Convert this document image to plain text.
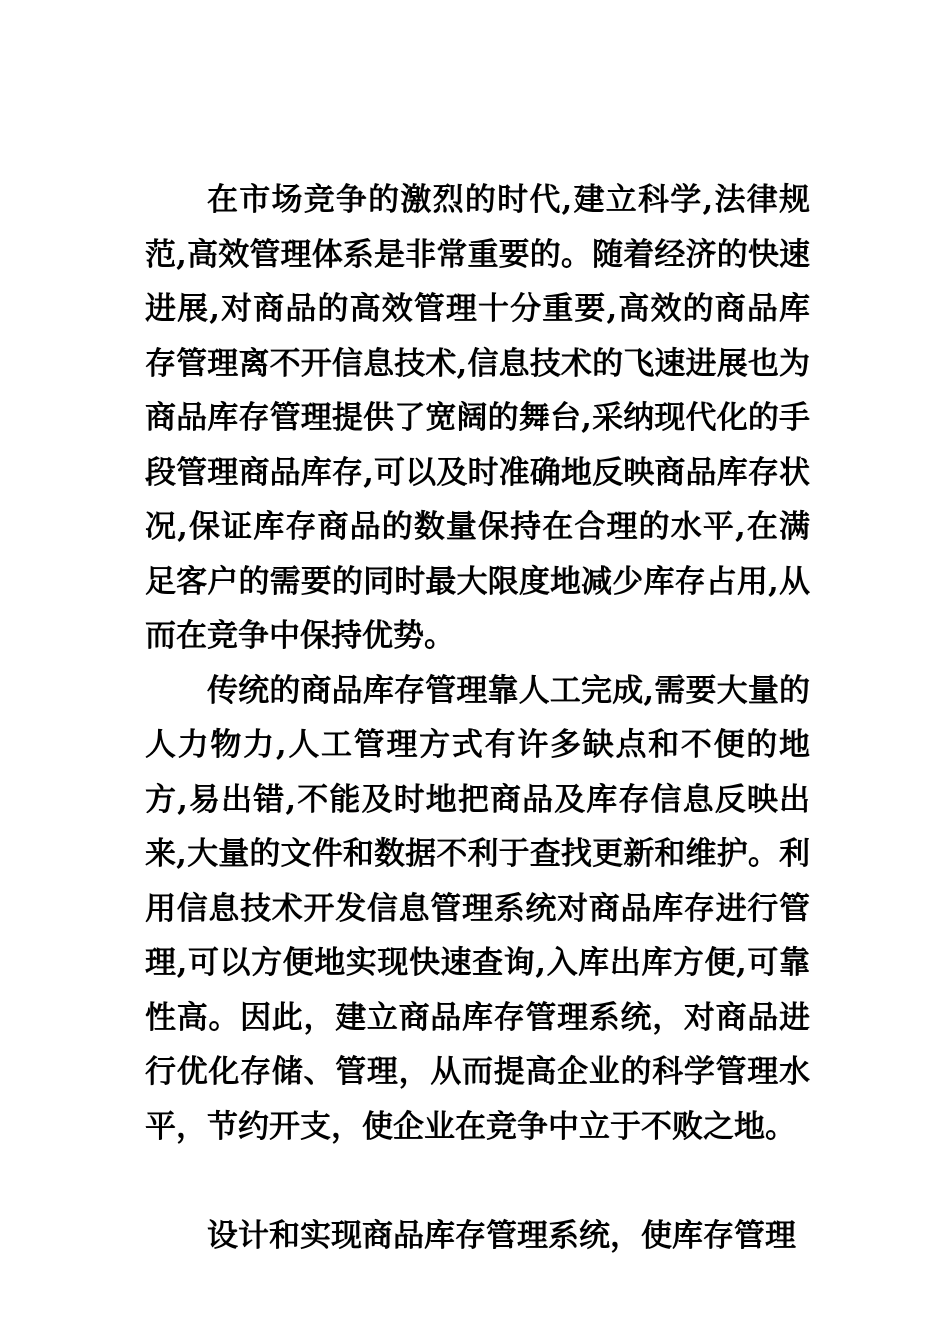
在市场竞争的激烈的时代,建立科学,法律规范,高效管理体系是非常重要的。随着经济的快速进展,对商品的高效管理十分重要,高效的商品库存管理离不开信息技术,信息技术的飞速进展也为商品库存管理提供了宽阔的舞台,采纳现代化的手段管理商品库存,可以及时准确地反映商品库存状况,保证库存商品的数量保持在合理的水平,在满足客户的需要的同时最大限度地减少库存占用,从而在竞争中保持优势。

传统的商品库存管理靠人工完成,需要大量的人力物力,人工管理方式有许多缺点和不便的地方,易出错,不能及时地把商品及库存信息反映出来,大量的文件和数据不利于查找更新和维护。利用信息技术开发信息管理系统对商品库存进行管理,可以方便地实现快速查询,入库出库方便,可靠性高。因此，建立商品库存管理系统，对商品进行优化存储、管理，从而提高企业的科学管理水平，节约开支，使企业在竞争中立于不败之地。

设计和实现商品库存管理系统，使库存管理
